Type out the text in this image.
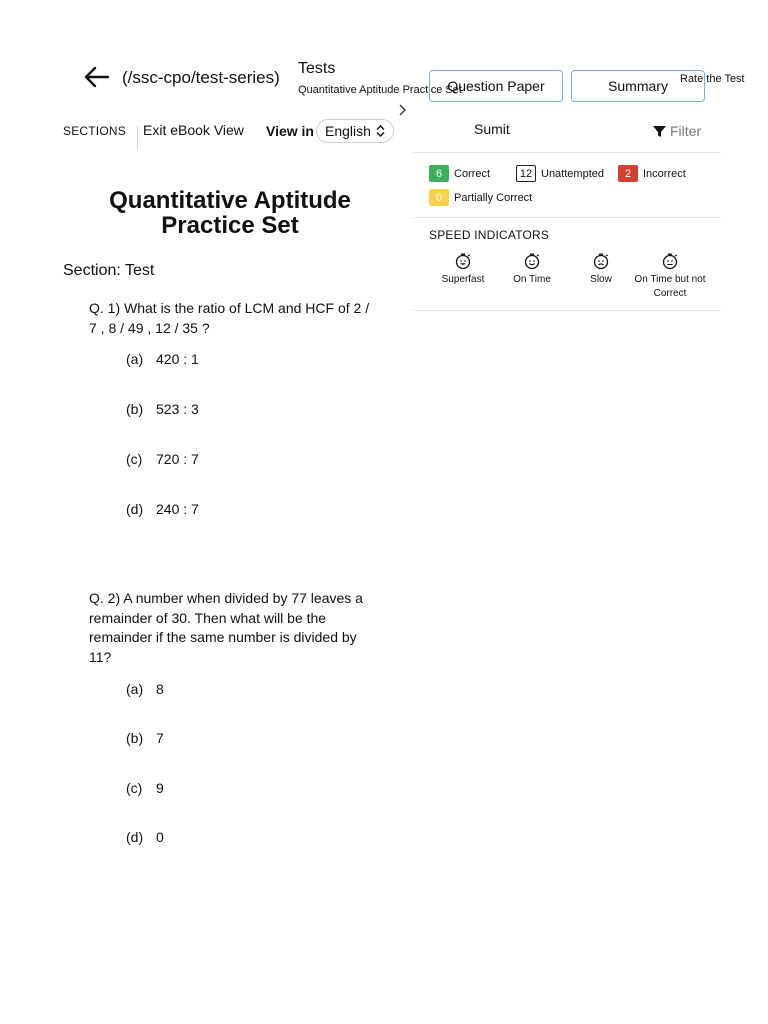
(/ssc-cpo/test-series) Tests
Quantitative Aptitude Practice Set
Question Paper	Summary	Rate the Test
SECTIONS Exit eBook View View in English	Sumit	Filter
6	Correct	12 Unattempted	2	Incorrect
0	Partially Correct
SPEED INDICATORS
Superfast	On Time	Slow	On Time but not Correct
Quantitative Aptitude Practice Set
Section: Test
Q. 1) What is the ratio of LCM and HCF of 2 / 7 , 8 / 49 , 12 / 35 ?
(a) 420 : 1
(b) 523 : 3
(c) 720 : 7
(d) 240 : 7
Q. 2) A number when divided by 77 leaves a remainder of 30. Then what will be the remainder if the same number is divided by 11?
(a) 8
(b) 7
(c) 9
(d) 0
